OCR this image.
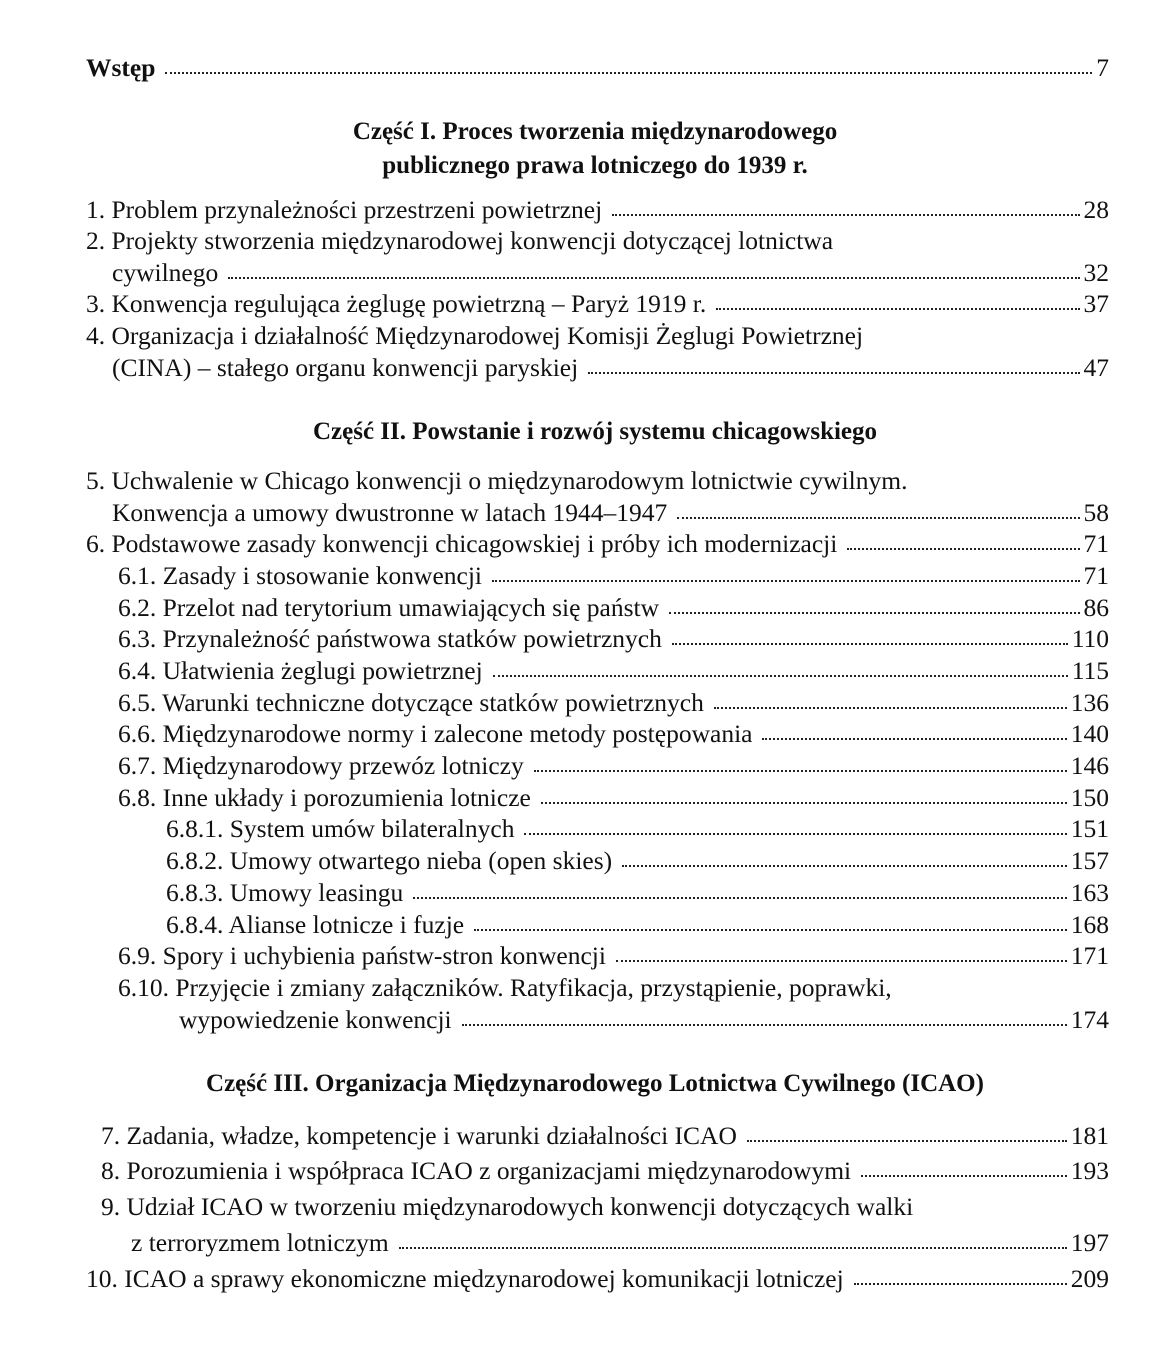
Wstęp	7
Część I. Proces tworzenia międzynarodowego
publicznego prawa lotniczego do 1939 r.
1. Problem przynależności przestrzeni powietrznej	28
2. Projekty stworzenia międzynarodowej konwencji dotyczącej lotnictwa
cywilnego	32
3. Konwencja regulująca żeglugę powietrzną – Paryż 1919 r.	37
4. Organizacja i działalność Międzynarodowej Komisji Żeglugi Powietrznej
(CINA) – stałego organu konwencji paryskiej	47
Część II. Powstanie i rozwój systemu chicagowskiego
5. Uchwalenie w Chicago konwencji o międzynarodowym lotnictwie cywilnym.
Konwencja a umowy dwustronne w latach 1944–1947	58
6. Podstawowe zasady konwencji chicagowskiej i próby ich modernizacji	71
6.1. Zasady i stosowanie konwencji	71
6.2. Przelot nad terytorium umawiających się państw	86
6.3. Przynależność państwowa statków powietrznych	110
6.4. Ułatwienia żeglugi powietrznej	115
6.5. Warunki techniczne dotyczące statków powietrznych	136
6.6. Międzynarodowe normy i zalecone metody postępowania	140
6.7. Międzynarodowy przewóz lotniczy	146
6.8. Inne układy i porozumienia lotnicze	150
6.8.1. System umów bilateralnych	151
6.8.2. Umowy otwartego nieba (open skies)	157
6.8.3. Umowy leasingu	163
6.8.4. Alianse lotnicze i fuzje	168
6.9. Spory i uchybienia państw-stron konwencji	171
6.10. Przyjęcie i zmiany załączników. Ratyfikacja, przystąpienie, poprawki,
wypowiedzenie konwencji	174
Część III. Organizacja Międzynarodowego Lotnictwa Cywilnego (ICAO)
7. Zadania, władze, kompetencje i warunki działalności ICAO	181
8. Porozumienia i współpraca ICAO z organizacjami międzynarodowymi	193
9. Udział ICAO w tworzeniu międzynarodowych konwencji dotyczących walki
z terroryzmem lotniczym	197
10. ICAO a sprawy ekonomiczne międzynarodowej komunikacji lotniczej	209
